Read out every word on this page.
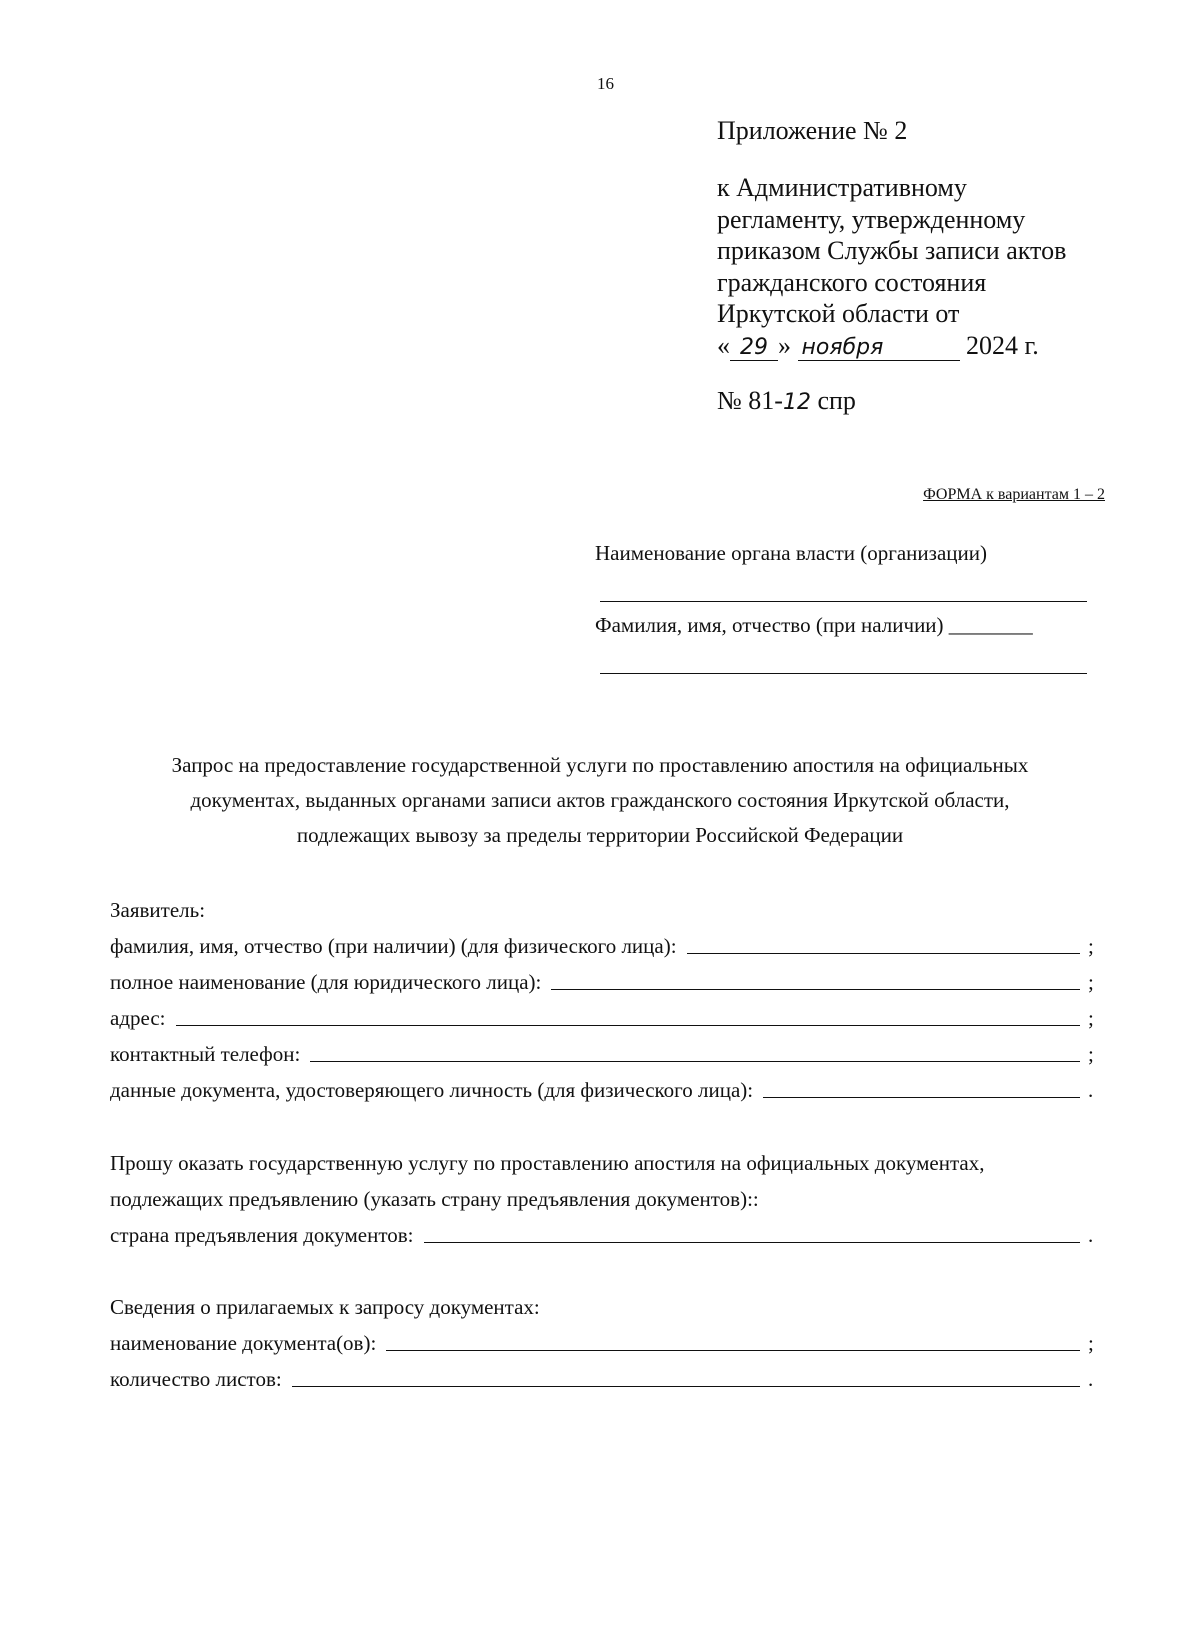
16
Приложение № 2
к Административному
регламенту, утвержденному
приказом Службы записи актов
гражданского состояния
Иркутской области от
« 29 » ноября	2024 г.
№ 81-12 спр
ФОРМА к вариантам 1 – 2
Наименование органа власти (организации)
Фамилия, имя, отчество (при наличии) ________
Запрос на предоставление государственной услуги по проставлению апостиля на официальных
документах, выданных органами записи актов гражданского состояния Иркутской области,
подлежащих вывозу за пределы территории Российской Федерации
Заявитель:
фамилия, имя, отчество (при наличии) (для физического лица):	;
полное наименование (для юридического лица):	;
адрес:	;
контактный телефон:	;
данные документа, удостоверяющего личность (для физического лица):	.
Прошу оказать государственную услугу по проставлению апостиля на официальных документах,
подлежащих предъявлению (указать страну предъявления документов)::
страна предъявления документов:	.
Сведения о прилагаемых к запросу документах:
наименование документа(ов):	;
количество листов:	.
